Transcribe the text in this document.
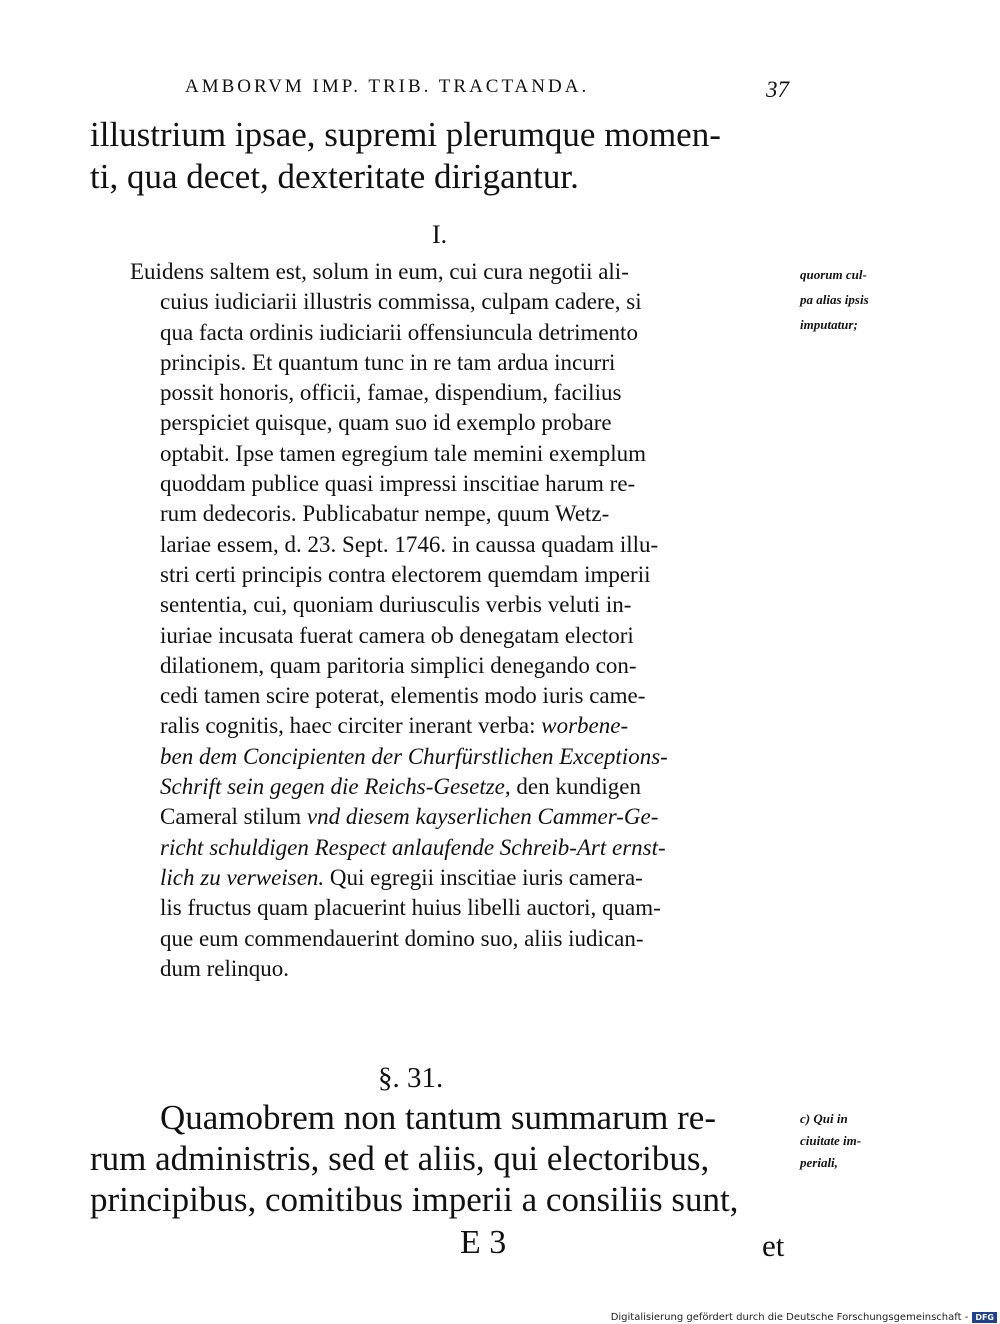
AMBORVM IMP. TRIB. TRACTANDA.	37
illustrium ipsae, supremi plerumque momen-
ti, qua decet, dexteritate dirigantur.
I.
Euidens saltem est, solum in eum, cui cura negotii ali-
cuius iudiciarii illustris commissa, culpam cadere, si
qua facta ordinis iudiciarii offensiuncula detrimento
principis. Et quantum tunc in re tam ardua incurri
possit honoris, officii, famae, dispendium, facilius
perspiciet quisque, quam suo id exemplo probare
optabit. Ipse tamen egregium tale memini exemplum
quoddam publice quasi impressi inscitiae harum re-
rum dedecoris. Publicabatur nempe, quum Wetz-
lariae essem, d. 23. Sept. 1746. in caussa quadam illu-
stri certi principis contra electorem quemdam imperii
sententia, cui, quoniam duriusculis verbis veluti in-
iuriae incusata fuerat camera ob denegatam electori
dilationem, quam paritoria simplici denegando con-
cedi tamen scire poterat, elementis modo iuris came-
ralis cognitis, haec circiter inerant verba: worbene-
ben dem Concipienten der Churfürstlichen Exceptions-
Schrift sein gegen die Reichs-Gesetze, den kundigen
Cameral stilum vnd diesem kayserlichen Cammer-Ge-
richt schuldigen Respect anlaufende Schreib-Art ernst-
lich zu verweisen. Qui egregii inscitiae iuris camera-
lis fructus quam placuerint huius libelli auctori, quam-
que eum commendauerint domino suo, aliis iudican-
dum relinquo.
quorum cul-
pa alias ipsis
imputatur;
§. 31.
Quamobrem non tantum summarum re-
rum administris, sed et aliis, qui electoribus,
principibus, comitibus imperii a consiliis sunt,
c) Qui in
ciuitate im-
periali,
E 3	et
Digitalisierung gefördert durch die Deutsche Forschungsgemeinschaft - DFG
